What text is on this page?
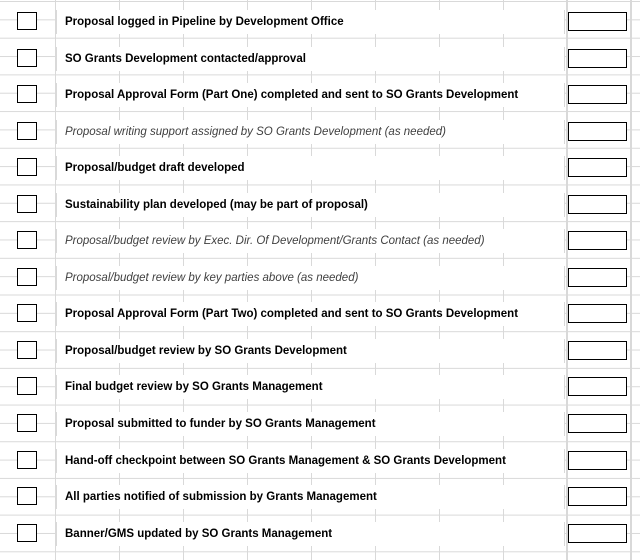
Proposal logged in Pipeline by Development Office
SO Grants Development contacted/approval
Proposal Approval Form (Part One) completed and sent to SO Grants Development
Proposal writing support assigned by SO Grants Development (as needed)
Proposal/budget draft developed
Sustainability plan developed (may be part of proposal)
Proposal/budget review by Exec. Dir. Of Development/Grants Contact (as needed)
Proposal/budget review by key parties above (as needed)
Proposal Approval Form (Part Two) completed and sent to SO Grants Development
Proposal/budget review by SO Grants Development
Final budget review by SO Grants Management
Proposal submitted to funder by SO Grants Management
Hand-off checkpoint between SO Grants Management & SO Grants Development
All parties notified of submission by Grants Management
Banner/GMS updated by SO Grants Management
